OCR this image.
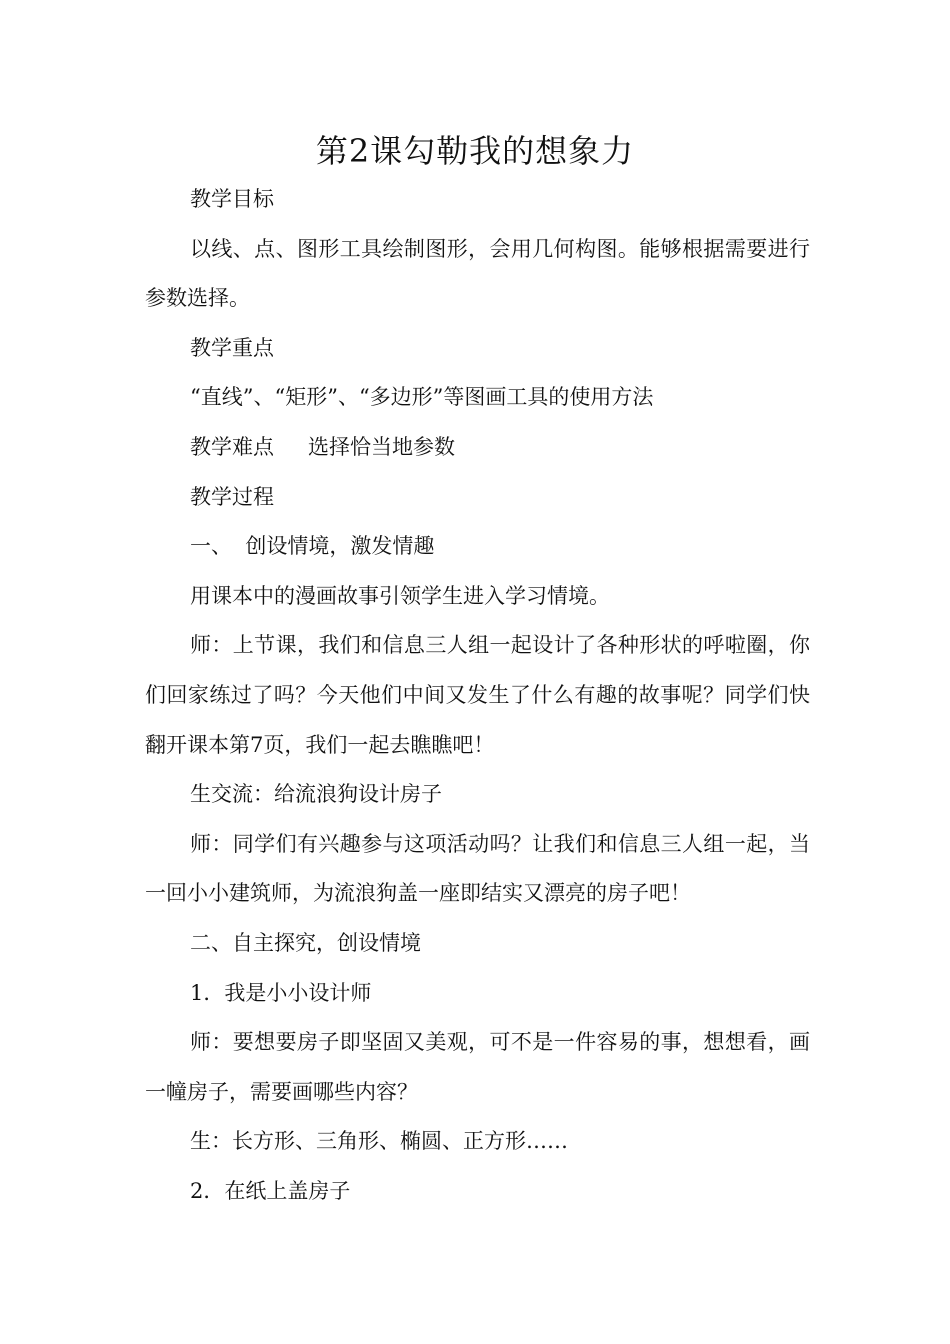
第2课勾勒我的想象力

教学目标

以线、点、图形工具绘制图形，会用几何构图。能够根据需要进行参数选择。

教学重点

“直线”、“矩形”、“多边形”等图画工具的使用方法

教学难点 选择恰当地参数

教学过程

一、  创设情境，激发情趣

用课本中的漫画故事引领学生进入学习情境。

师：上节课，我们和信息三人组一起设计了各种形状的呼啦圈，你们回家练过了吗？今天他们中间又发生了什么有趣的故事呢？同学们快翻开课本第7页，我们一起去瞧瞧吧！

生交流：给流浪狗设计房子

师：同学们有兴趣参与这项活动吗？让我们和信息三人组一起，当一回小小建筑师，为流浪狗盖一座即结实又漂亮的房子吧！

二、自主探究，创设情境

1．我是小小设计师

师：要想要房子即坚固又美观，可不是一件容易的事，想想看，画一幢房子，需要画哪些内容？

生：长方形、三角形、椭圆、正方形……

2．在纸上盖房子
